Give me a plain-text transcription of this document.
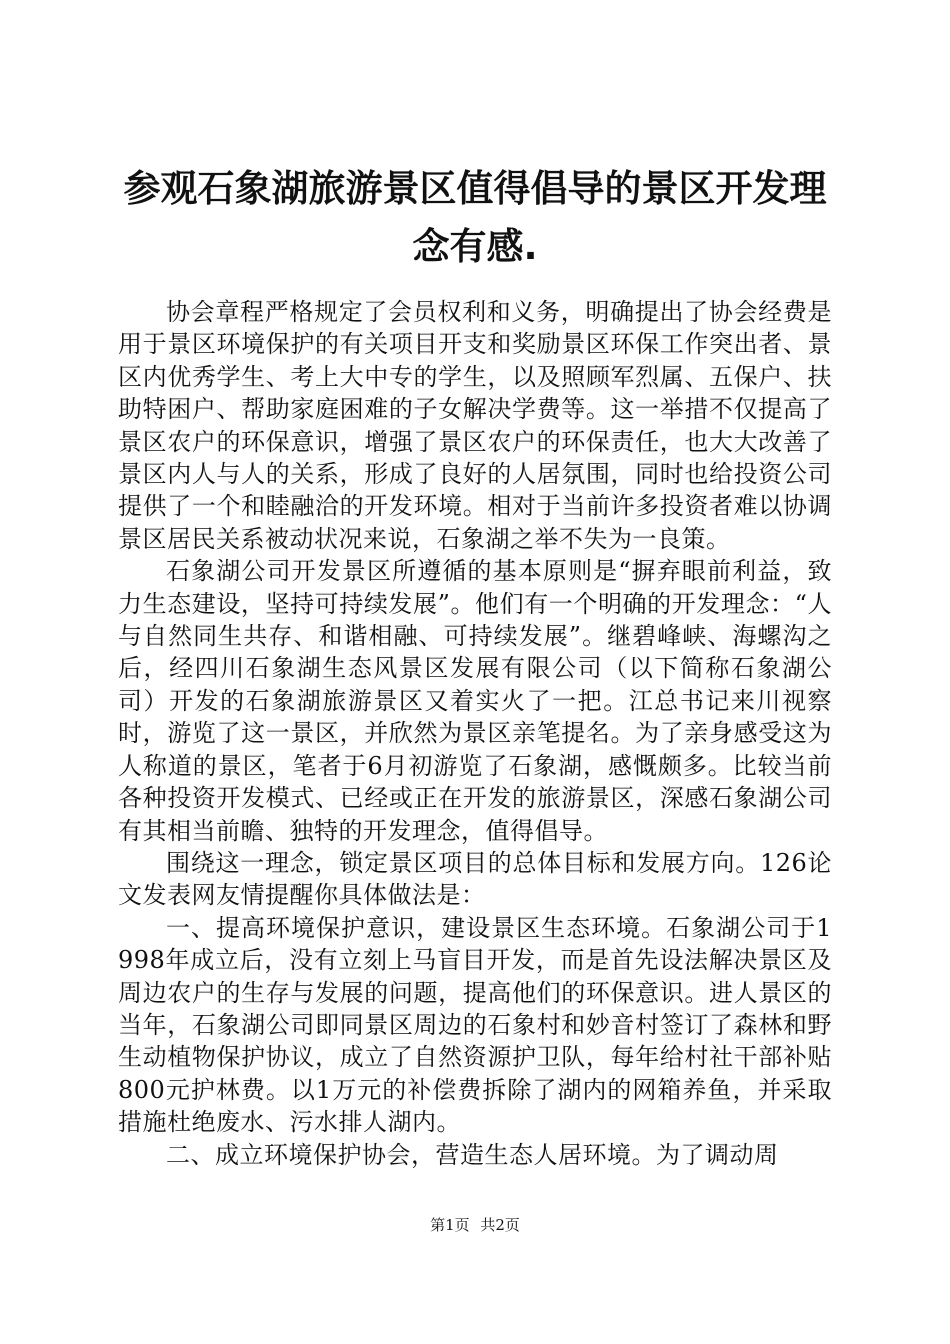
参观石象湖旅游景区值得倡导的景区开发理念有感.

协会章程严格规定了会员权利和义务，明确提出了协会经费是用于景区环境保护的有关项目开支和奖励景区环保工作突出者、景区内优秀学生、考上大中专的学生，以及照顾军烈属、五保户、扶助特困户、帮助家庭困难的子女解决学费等。这一举措不仅提高了景区农户的环保意识，增强了景区农户的环保责任，也大大改善了景区内人与人的关系，形成了良好的人居氛围，同时也给投资公司提供了一个和睦融洽的开发环境。相对于当前许多投资者难以协调景区居民关系被动状况来说，石象湖之举不失为一良策。

石象湖公司开发景区所遵循的基本原则是“摒弃眼前利益，致力生态建设，坚持可持续发展”。他们有一个明确的开发理念：“人与自然同生共存、和谐相融、可持续发展”。继碧峰峡、海螺沟之后，经四川石象湖生态风景区发展有限公司（以下简称石象湖公司）开发的石象湖旅游景区又着实火了一把。江总书记来川视察时，游览了这一景区，并欣然为景区亲笔提名。为了亲身感受这为人称道的景区，笔者于6月初游览了石象湖，感慨颇多。比较当前各种投资开发模式、已经或正在开发的旅游景区，深感石象湖公司有其相当前瞻、独特的开发理念，值得倡导。

围绕这一理念，锁定景区项目的总体目标和发展方向。126论文发表网友情提醒你具体做法是：

一、提高环境保护意识，建设景区生态环境。石象湖公司于1998年成立后，没有立刻上马盲目开发，而是首先设法解决景区及周边农户的生存与发展的问题，提高他们的环保意识。进人景区的当年，石象湖公司即同景区周边的石象村和妙音村签订了森林和野生动植物保护协议，成立了自然资源护卫队，每年给村社干部补贴800元护林费。以1万元的补偿费拆除了湖内的网箱养鱼，并采取措施杜绝废水、污水排人湖内。

二、成立环境保护协会，营造生态人居环境。为了调动周

第1页 共2页
